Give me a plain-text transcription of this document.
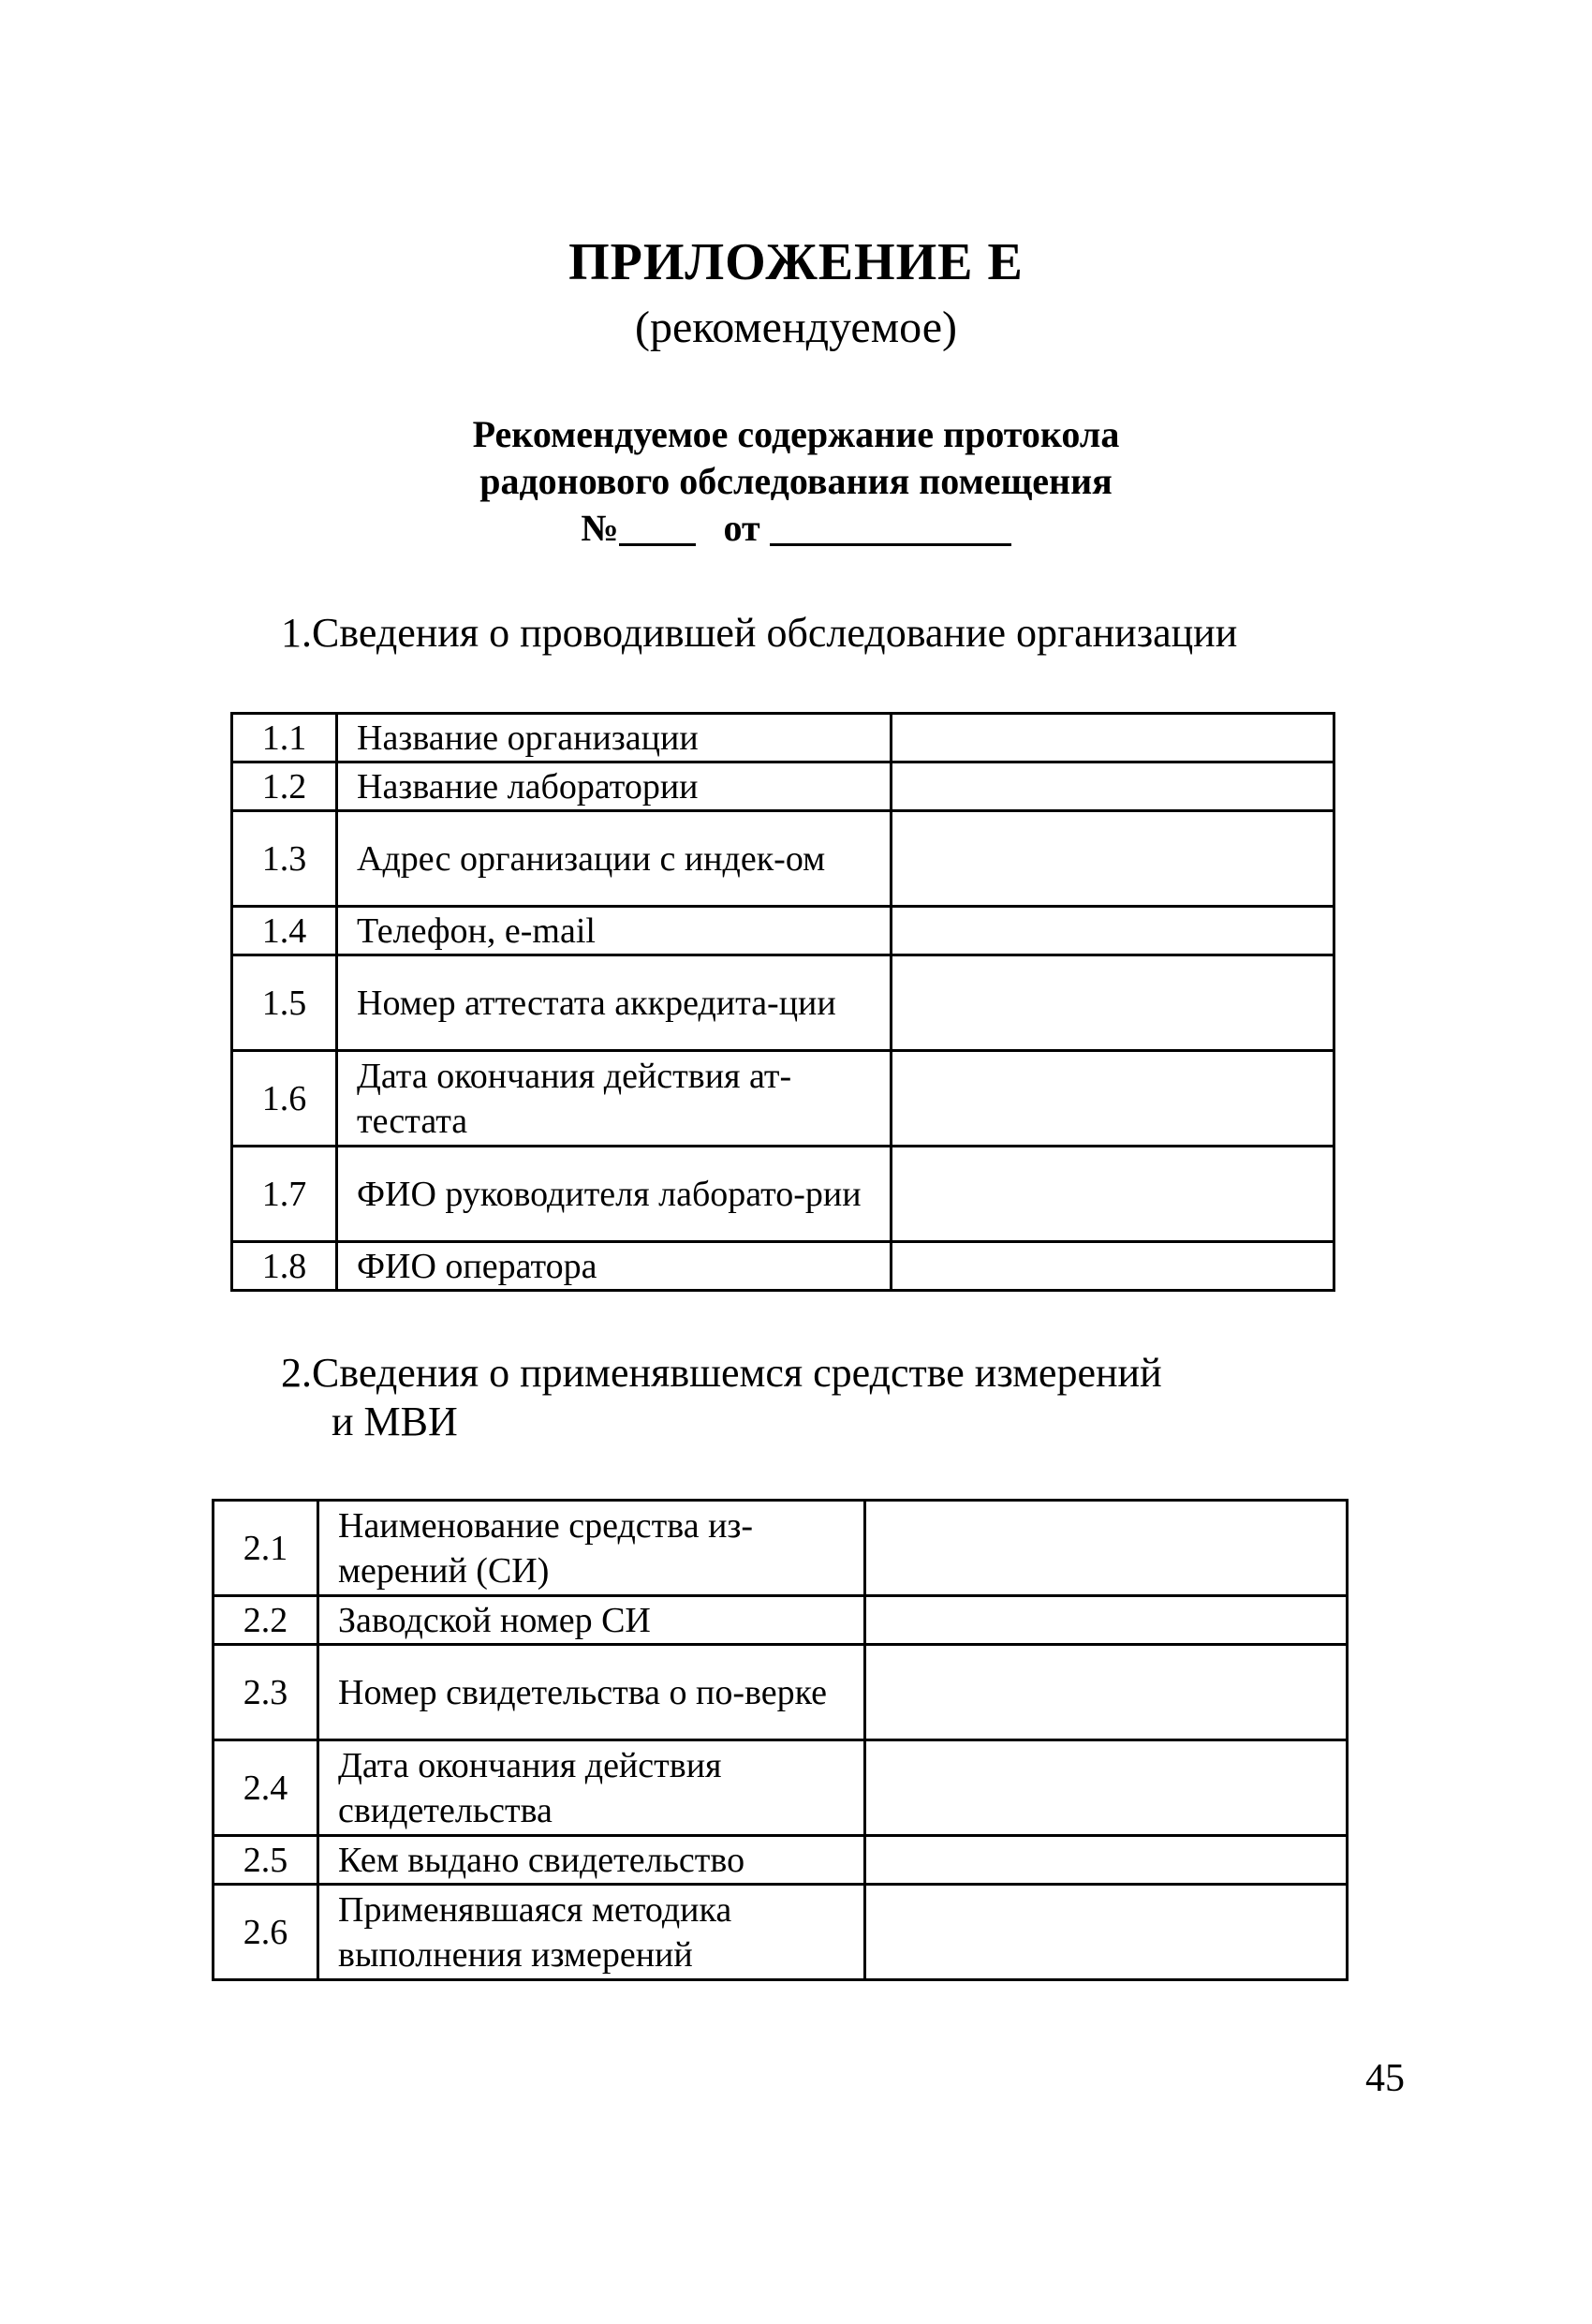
ПРИЛОЖЕНИЕ Е
(рекомендуемое)
Рекомендуемое содержание протокола
радонового обследования помещения
№	от
1.Сведения о проводившей обследование организации
1.1	Название организации	
1.2	Название лаборатории	
1.3	Адрес организации с индек-ом	
1.4	Телефон, e-mail	
1.5	Номер аттестата аккредита-ции	
1.6	Дата окончания действия ат-тестата	
1.7	ФИО руководителя лаборато-рии	
1.8	ФИО оператора	
2.Сведения о применявшемся средстве измерений
и МВИ
2.1	Наименование средства из-мерений (СИ)	
2.2	Заводской номер СИ	
2.3	Номер свидетельства о по-верке	
2.4	Дата окончания действия свидетельства	
2.5	Кем выдано свидетельство	
2.6	Применявшаяся методика выполнения измерений	
45
